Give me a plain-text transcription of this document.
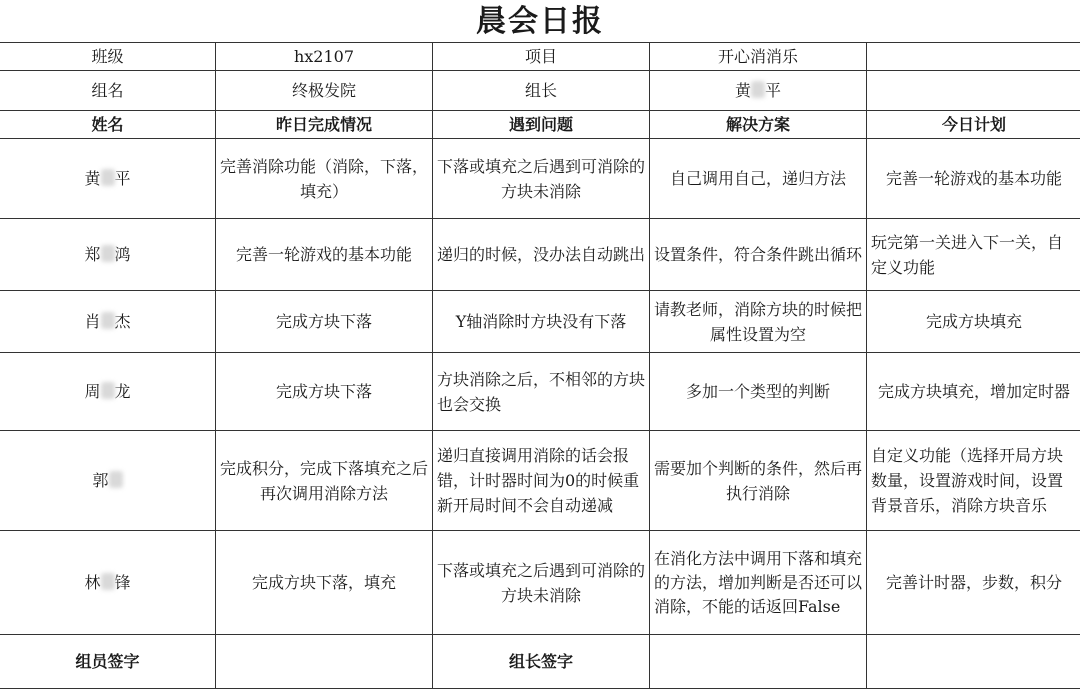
晨会日报
班级	hx2107	项目	开心消消乐	
组名	终极发院	组长	黄 平	
姓名	昨日完成情况	遇到问题	解决方案	今日计划
黄 平	完善消除功能（消除，下落，填充）	下落或填充之后遇到可消除的方块未消除	自己调用自己，递归方法	完善一轮游戏的基本功能
郑 鸿	完善一轮游戏的基本功能	递归的时候，没办法自动跳出	设置条件，符合条件跳出循环	玩完第一关进入下一关，自定义功能
肖 杰	完成方块下落	Y轴消除时方块没有下落	请教老师，消除方块的时候把属性设置为空	完成方块填充
周 龙	完成方块下落	方块消除之后，不相邻的方块也会交换	多加一个类型的判断	完成方块填充，增加定时器
郭	完成积分，完成下落填充之后再次调用消除方法	递归直接调用消除的话会报错，计时器时间为0的时候重新开局时间不会自动递减	需要加个判断的条件，然后再执行消除	自定义功能（选择开局方块数量，设置游戏时间，设置背景音乐，消除方块音乐
林 锋	完成方块下落，填充	下落或填充之后遇到可消除的方块未消除	在消化方法中调用下落和填充的方法，增加判断是否还可以消除，不能的话返回False	完善计时器，步数，积分
组员签字		组长签字		
